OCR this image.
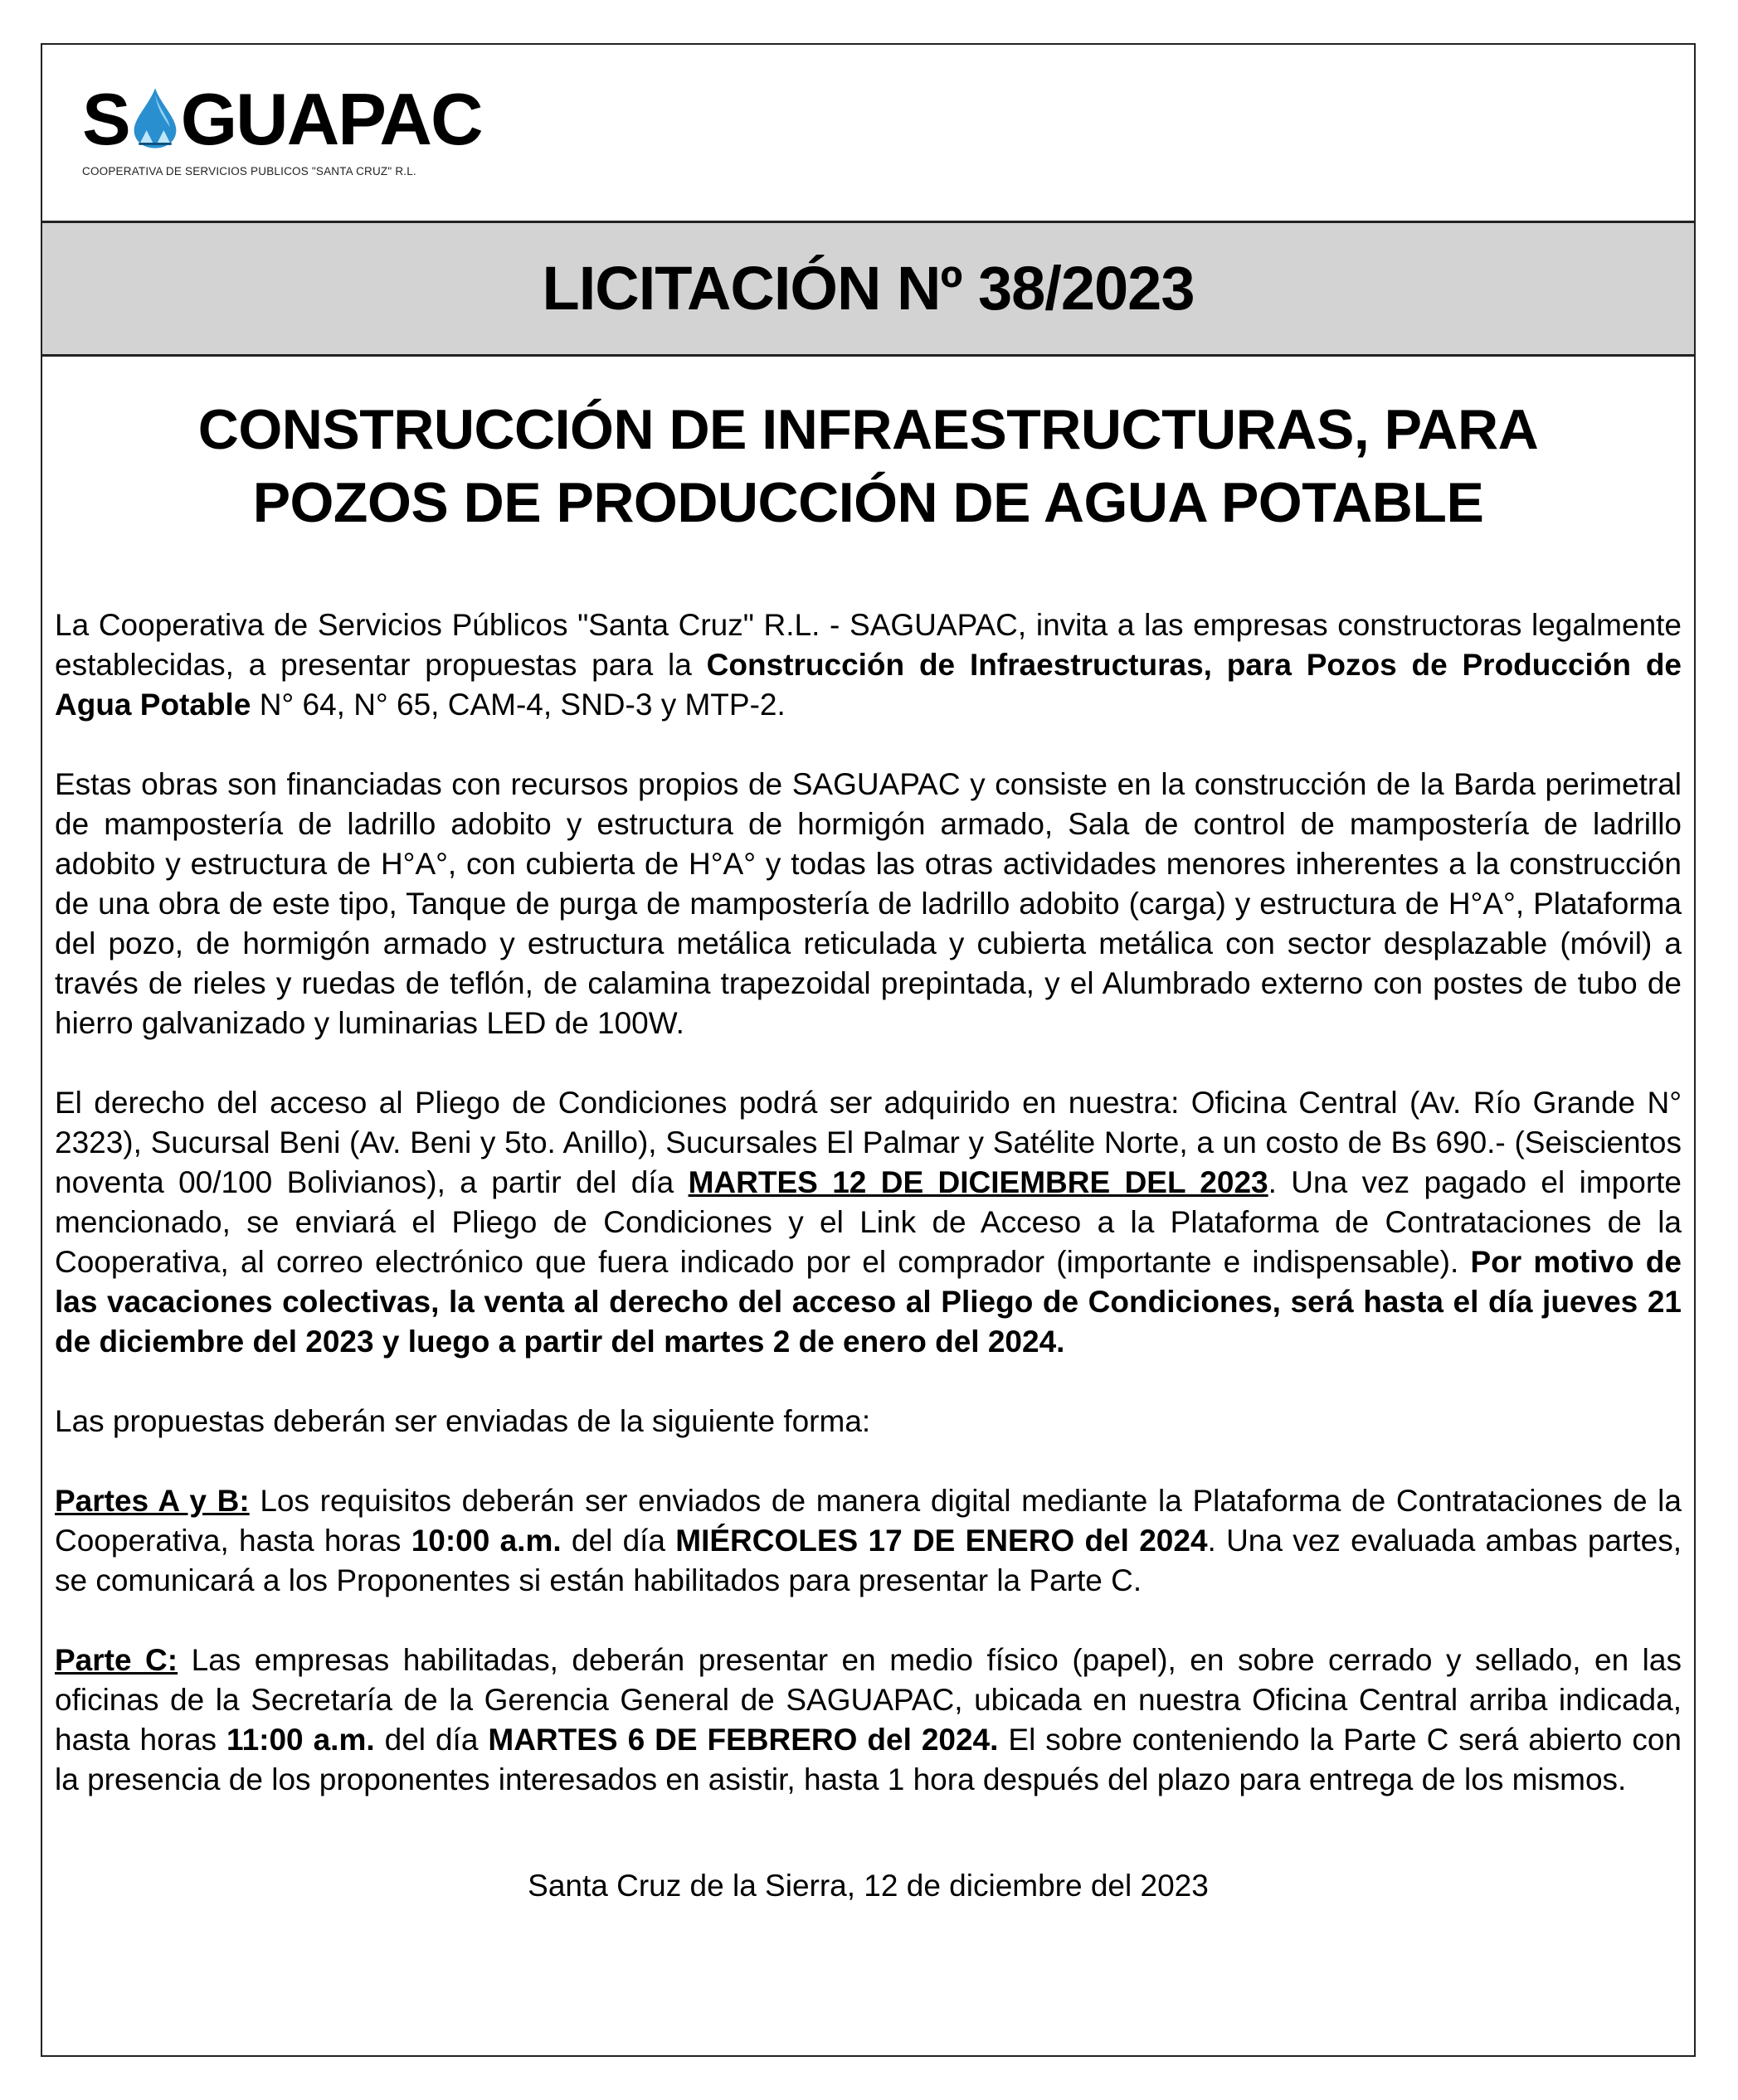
S GUAPAC
COOPERATIVA DE SERVICIOS PUBLICOS "SANTA CRUZ" R.L.
LICITACIÓN Nº 38/2023
CONSTRUCCIÓN DE INFRAESTRUCTURAS, PARA
POZOS DE PRODUCCIÓN DE AGUA POTABLE

La Cooperativa de Servicios Públicos "Santa Cruz" R.L. - SAGUAPAC, invita a las empresas constructoras legalmente establecidas, a presentar propuestas para la Construcción de Infraestructuras, para Pozos de Producción de Agua Potable N° 64, N° 65, CAM-4, SND-3 y MTP-2.

Estas obras son financiadas con recursos propios de SAGUAPAC y consiste en la construcción de la Barda perimetral de mampostería de ladrillo adobito y estructura de hormigón armado, Sala de control de mampostería de ladrillo adobito y estructura de H°A°, con cubierta de H°A° y todas las otras actividades menores inherentes a la construcción de una obra de este tipo, Tanque de purga de mampostería de ladrillo adobito (carga) y estructura de H°A°, Plataforma del pozo, de hormigón armado y estructura metálica reticulada y cubierta metálica con sector desplazable (móvil) a través de rieles y ruedas de teflón, de calamina trapezoidal prepintada, y el Alumbrado externo con postes de tubo de hierro galvanizado y luminarias LED de 100W.

El derecho del acceso al Pliego de Condiciones podrá ser adquirido en nuestra: Oficina Central (Av. Río Grande N° 2323), Sucursal Beni (Av. Beni y 5to. Anillo), Sucursales El Palmar y Satélite Norte, a un costo de Bs 690.- (Seiscientos noventa 00/100 Bolivianos), a partir del día MARTES 12 DE DICIEMBRE DEL 2023. Una vez pagado el importe mencionado, se enviará el Pliego de Condiciones y el Link de Acceso a la Plataforma de Contrataciones de la Cooperativa, al correo electrónico que fuera indicado por el comprador (importante e indispensable). Por motivo de las vacaciones colectivas, la venta al derecho del acceso al Pliego de Condiciones, será hasta el día jueves 21 de diciembre del 2023 y luego a partir del martes 2 de enero del 2024.

Las propuestas deberán ser enviadas de la siguiente forma:

Partes A y B: Los requisitos deberán ser enviados de manera digital mediante la Plataforma de Contrataciones de la Cooperativa, hasta horas 10:00 a.m. del día MIÉRCOLES 17 DE ENERO del 2024. Una vez evaluada ambas partes, se comunicará a los Proponentes si están habilitados para presentar la Parte C.

Parte C: Las empresas habilitadas, deberán presentar en medio físico (papel), en sobre cerrado y sellado, en las oficinas de la Secretaría de la Gerencia General de SAGUAPAC, ubicada en nuestra Oficina Central arriba indicada, hasta horas 11:00 a.m. del día MARTES 6 DE FEBRERO del 2024. El sobre conteniendo la Parte C será abierto con la presencia de los proponentes interesados en asistir, hasta 1 hora después del plazo para entrega de los mismos.

Santa Cruz de la Sierra, 12 de diciembre del 2023
